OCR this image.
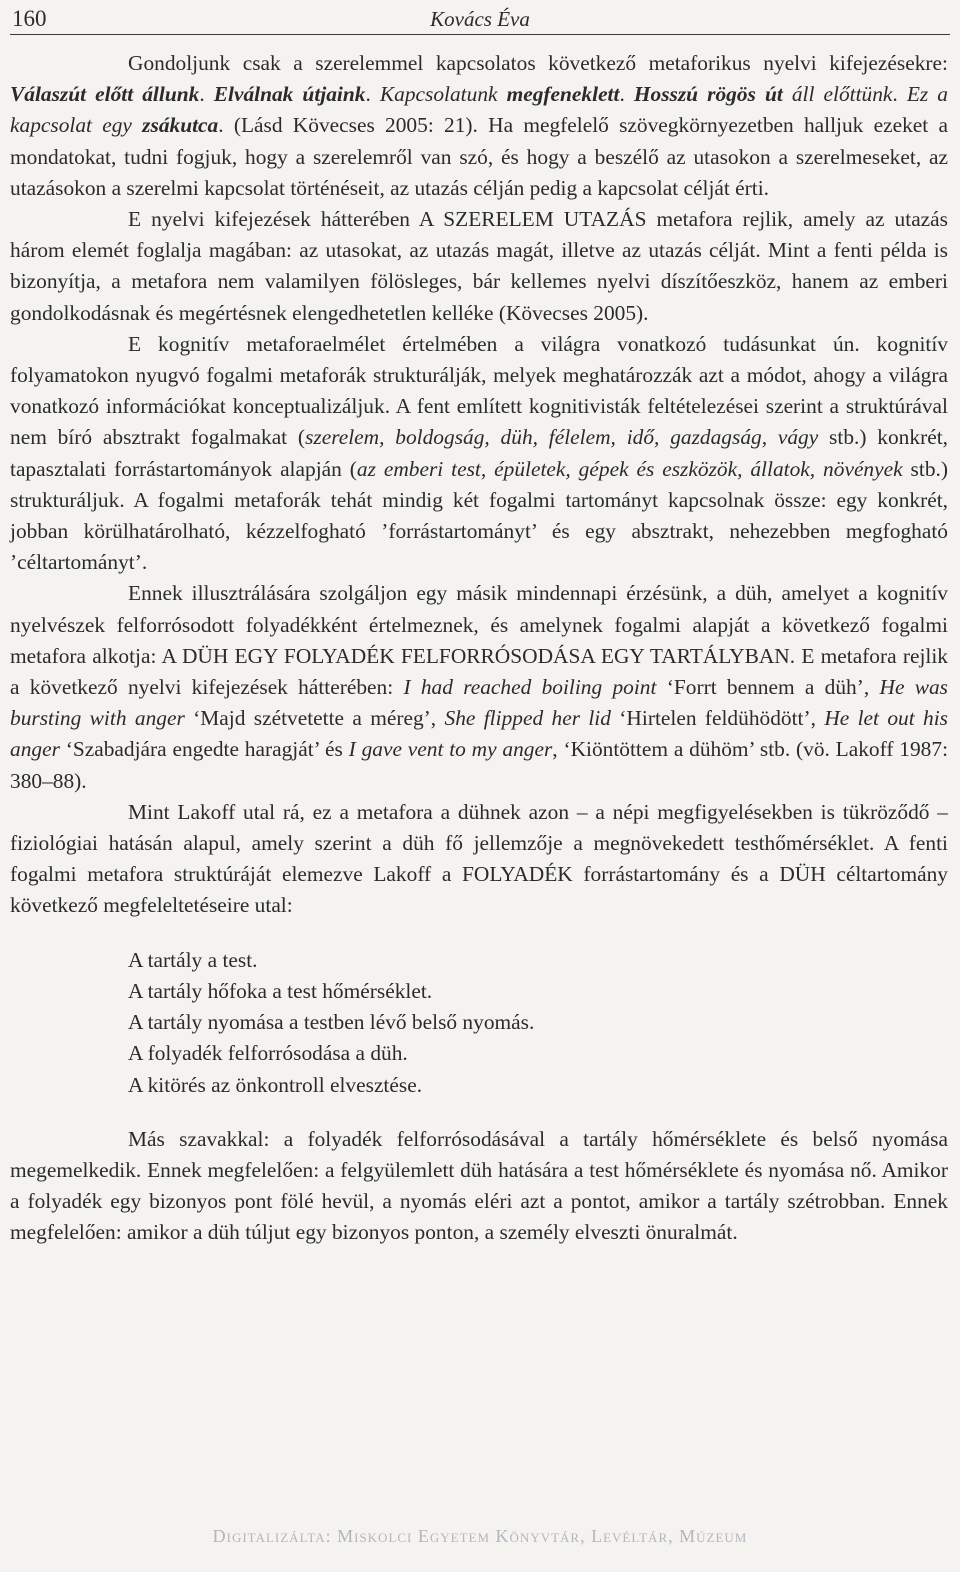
160	Kovács Éva

Gondoljunk csak a szerelemmel kapcsolatos következő metaforikus nyelvi kifejezésekre: Válaszút előtt állunk. Elválnak útjaink. Kapcsolatunk megfeneklett. Hosszú rögös út áll előttünk. Ez a kapcsolat egy zsákutca. (Lásd Kövecses 2005: 21). Ha megfelelő szövegkörnyezetben halljuk ezeket a mondatokat, tudni fogjuk, hogy a szerelemről van szó, és hogy a beszélő az utasokon a szerelmeseket, az utazásokon a szerelmi kapcsolat történéseit, az utazás célján pedig a kapcsolat célját érti.

E nyelvi kifejezések hátterében A SZERELEM UTAZÁS metafora rejlik, amely az utazás három elemét foglalja magában: az utasokat, az utazás magát, illetve az utazás célját. Mint a fenti példa is bizonyítja, a metafora nem valamilyen fölösleges, bár kellemes nyelvi díszítőeszköz, hanem az emberi gondolkodásnak és megértésnek elengedhetetlen kelléke (Kövecses 2005).

E kognitív metaforaelmélet értelmében a világra vonatkozó tudásunkat ún. kognitív folyamatokon nyugvó fogalmi metaforák strukturálják, melyek meghatározzák azt a módot, ahogy a világra vonatkozó információkat konceptualizáljuk. A fent említett kognitivisták feltételezései szerint a struktúrával nem bíró absztrakt fogalmakat (szerelem, boldogság, düh, félelem, idő, gazdagság, vágy stb.) konkrét, tapasztalati forrástartományok alapján (az emberi test, épületek, gépek és eszközök, állatok, növények stb.) strukturáljuk. A fogalmi metaforák tehát mindig két fogalmi tartományt kapcsolnak össze: egy konkrét, jobban körülhatárolható, kézzelfogható ’forrástartományt’ és egy absztrakt, nehezebben megfogható ’céltartományt’.

Ennek illusztrálására szolgáljon egy másik mindennapi érzésünk, a düh, amelyet a kognitív nyelvészek felforrósodott folyadékként értelmeznek, és amelynek fogalmi alapját a következő fogalmi metafora alkotja: A DÜH EGY FOLYADÉK FELFORRÓSODÁSA EGY TARTÁLYBAN. E metafora rejlik a következő nyelvi kifejezések hátterében: I had reached boiling point ‘Forrt bennem a düh’, He was bursting with anger ‘Majd szétvetette a méreg’, She flipped her lid ‘Hirtelen feldühödött’, He let out his anger ‘Szabadjára engedte haragját’ és I gave vent to my anger, ‘Kiöntöttem a dühöm’ stb. (vö. Lakoff 1987: 380–88).

Mint Lakoff utal rá, ez a metafora a dühnek azon – a népi megfigyelésekben is tükröződő – fiziológiai hatásán alapul, amely szerint a düh fő jellemzője a megnövekedett testhőmérséklet. A fenti fogalmi metafora struktúráját elemezve Lakoff a FOLYADÉK forrástartomány és a DÜH céltartomány következő megfeleltetéseire utal:

A tartály a test.
A tartály hőfoka a test hőmérséklet.
A tartály nyomása a testben lévő belső nyomás.
A folyadék felforrósodása a düh.
A kitörés az önkontroll elvesztése.

Más szavakkal: a folyadék felforrósodásával a tartály hőmérséklete és belső nyomása megemelkedik. Ennek megfelelően: a felgyülemlett düh hatására a test hőmérséklete és nyomása nő. Amikor a folyadék egy bizonyos pont fölé hevül, a nyomás eléri azt a pontot, amikor a tartály szétrobban. Ennek megfelelően: amikor a düh túljut egy bizonyos ponton, a személy elveszti önuralmát.

Digitalizálta: Miskolci Egyetem Könyvtár, Levéltár, Múzeum
